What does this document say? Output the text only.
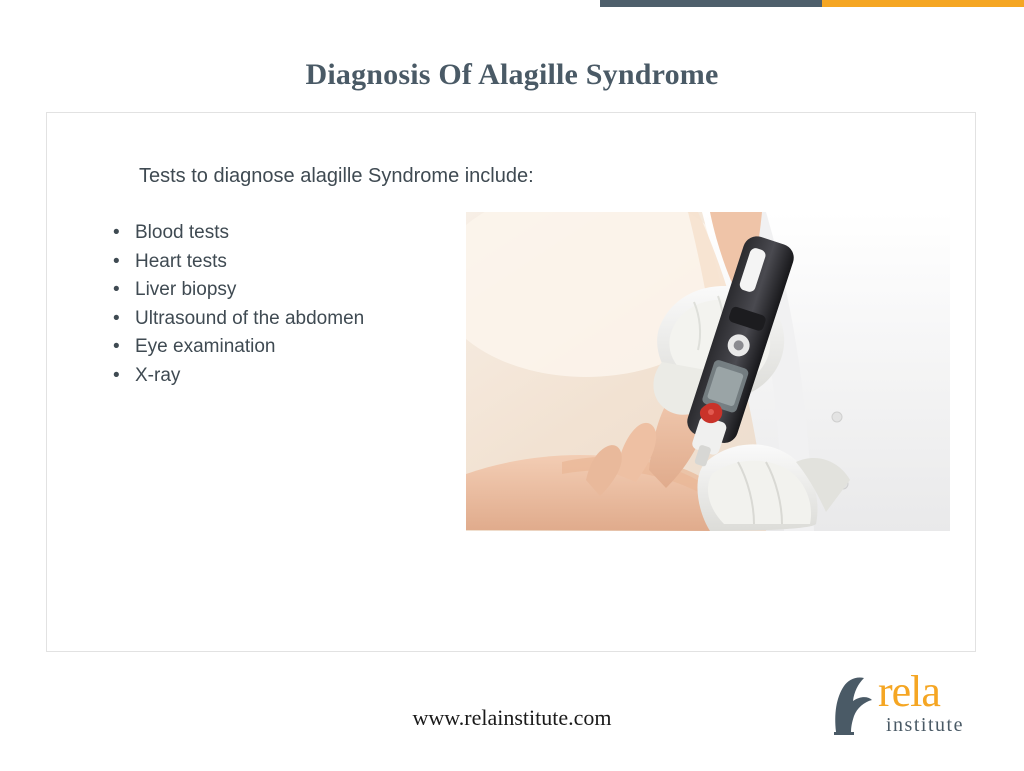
Diagnosis Of Alagille Syndrome
Tests to diagnose alagille Syndrome include:
• Blood tests
• Heart tests
• Liver biopsy
• Ultrasound of the abdomen
• Eye examination
• X-ray
www.relainstitute.com
rela
institute
